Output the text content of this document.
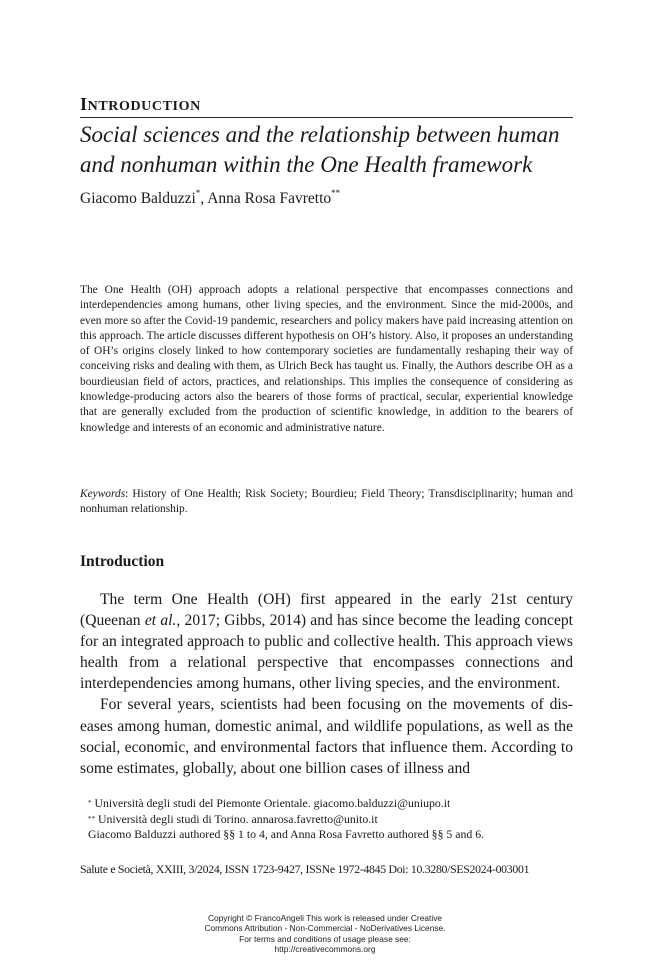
INTRODUCTION
Social sciences and the relationship between human
and nonhuman within the One Health framework
Giacomo Balduzzi*, Anna Rosa Favretto**
The One Health (OH) approach adopts a relational perspective that encompasses connections and interdependencies among humans, other living species, and the environment. Since the mid-2000s, and even more so after the Covid-19 pandemic, researchers and policy makers have paid increasing attention on this approach. The article discusses different hypothesis on OH’s history. Also, it proposes an understanding of OH’s origins closely linked to how contemporary societies are fundamentally reshaping their way of conceiving risks and dealing with them, as Ulrich Beck has taught us. Finally, the Authors describe OH as a bourdieusian field of actors, practices, and relationships. This implies the consequence of considering as knowledge-producing actors also the bearers of those forms of practical, secular, experiential knowledge that are generally excluded from the production of scientific knowledge, in addition to the bearers of knowledge and interests of an economic and administrative nature.
Keywords: History of One Health; Risk Society; Bourdieu; Field Theory; Transdisciplinarity; human and nonhuman relationship.
Introduction

The term One Health (OH) first appeared in the early 21st century (Queenan et al., 2017; Gibbs, 2014) and has since become the leading concept for an integrated approach to public and collective health. This approach views health from a relational perspective that encompasses connections and interdependencies among humans, other living species, and the environment.

For several years, scientists had been focusing on the movements of diseases among human, domestic animal, and wildlife populations, as well as the social, economic, and environmental factors that influence them. According to some estimates, globally, about one billion cases of illness and

* Università degli studi del Piemonte Orientale. giacomo.balduzzi@uniupo.it
** Università degli studi di Torino. annarosa.favretto@unito.it
Giacomo Balduzzi authored §§ 1 to 4, and Anna Rosa Favretto authored §§ 5 and 6.
Salute e Società, XXIII, 3/2024, ISSN 1723-9427, ISSNe 1972-4845 Doi: 10.3280/SES2024-003001
Copyright © FrancoAngeli This work is released under Creative
Commons Attribution - Non-Commercial - NoDerivatives License.
For terms and conditions of usage please see:
http://creativecommons.org
